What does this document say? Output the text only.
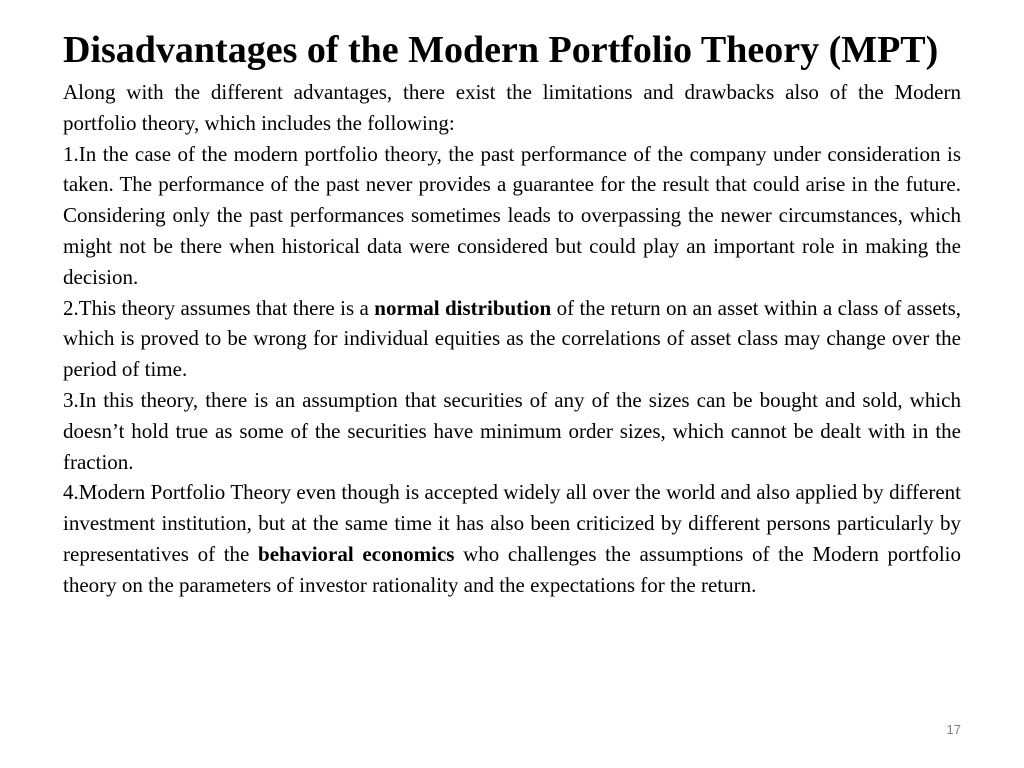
Disadvantages of the Modern Portfolio Theory (MPT)

Along with the different advantages, there exist the limitations and drawbacks also of the Modern portfolio theory, which includes the following:

1.In the case of the modern portfolio theory, the past performance of the company under consideration is taken. The performance of the past never provides a guarantee for the result that could arise in the future. Considering only the past performances sometimes leads to overpassing the newer circumstances, which might not be there when historical data were considered but could play an important role in making the decision.

2.This theory assumes that there is a normal distribution of the return on an asset within a class of assets, which is proved to be wrong for individual equities as the correlations of asset class may change over the period of time.

3.In this theory, there is an assumption that securities of any of the sizes can be bought and sold, which doesn’t hold true as some of the securities have minimum order sizes, which cannot be dealt with in the fraction.

4.Modern Portfolio Theory even though is accepted widely all over the world and also applied by different investment institution, but at the same time it has also been criticized by different persons particularly by representatives of the behavioral economics who challenges the assumptions of the Modern portfolio theory on the parameters of investor rationality and the expectations for the return.

17
